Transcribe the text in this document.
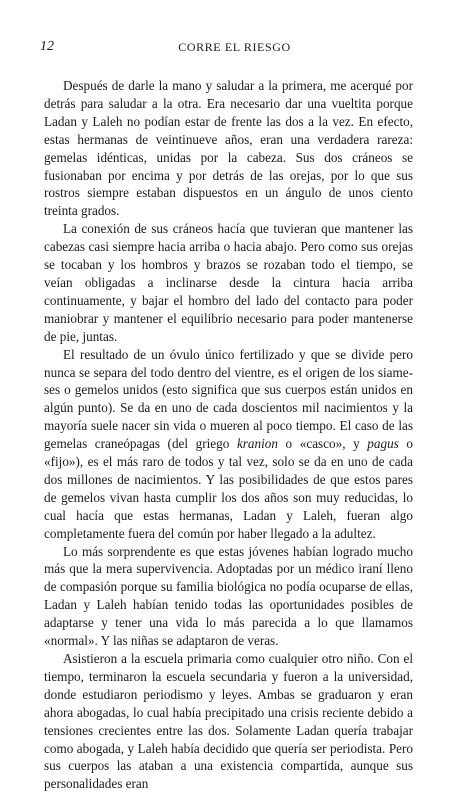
12	CORRE EL RIESGO

Después de darle la mano y saludar a la primera, me acerqué por detrás para saludar a la otra. Era necesario dar una vueltita porque Ladan y Laleh no podían estar de frente las dos a la vez. En efecto, estas hermanas de veintinueve años, eran una verdadera rareza: gemelas idénticas, unidas por la cabeza. Sus dos cráneos se fusionaban por encima y por detrás de las orejas, por lo que sus rostros siempre estaban dispuestos en un ángulo de unos ciento treinta grados.

La conexión de sus cráneos hacía que tuvieran que mantener las cabezas casi siempre hacia arriba o hacia abajo. Pero como sus orejas se tocaban y los hombros y brazos se rozaban todo el tiempo, se veían obligadas a inclinarse desde la cintura hacia arriba continuamente, y bajar el hombro del lado del contacto para poder maniobrar y mantener el equilibrio necesario para poder mantenerse de pie, juntas.

El resultado de un óvulo único fertilizado y que se divide pero nunca se separa del todo dentro del vientre, es el origen de los siameses o gemelos unidos (esto significa que sus cuerpos están unidos en algún punto). Se da en uno de cada doscientos mil nacimientos y la mayoría suele nacer sin vida o mueren al poco tiempo. El caso de las gemelas craneópagas (del griego kranion o «casco», y pagus o «fijo»), es el más raro de todos y tal vez, solo se da en uno de cada dos millones de nacimientos. Y las posibilidades de que estos pares de gemelos vivan hasta cumplir los dos años son muy reducidas, lo cual hacía que estas hermanas, Ladan y Laleh, fueran algo completamente fuera del común por haber llegado a la adultez.

Lo más sorprendente es que estas jóvenes habían logrado mucho más que la mera supervivencia. Adoptadas por un médico iraní lleno de compasión porque su familia biológica no podía ocuparse de ellas, Ladan y Laleh habían tenido todas las oportunidades posibles de adaptarse y tener una vida lo más parecida a lo que llamamos «normal». Y las niñas se adaptaron de veras.

Asistieron a la escuela primaria como cualquier otro niño. Con el tiempo, terminaron la escuela secundaria y fueron a la universidad, donde estudiaron periodismo y leyes. Ambas se graduaron y eran ahora abogadas, lo cual había precipitado una crisis reciente debido a tensiones crecientes entre las dos. Solamente Ladan quería trabajar como abogada, y Laleh había decidido que quería ser periodista. Pero sus cuerpos las ataban a una existencia compartida, aunque sus personalidades eran
